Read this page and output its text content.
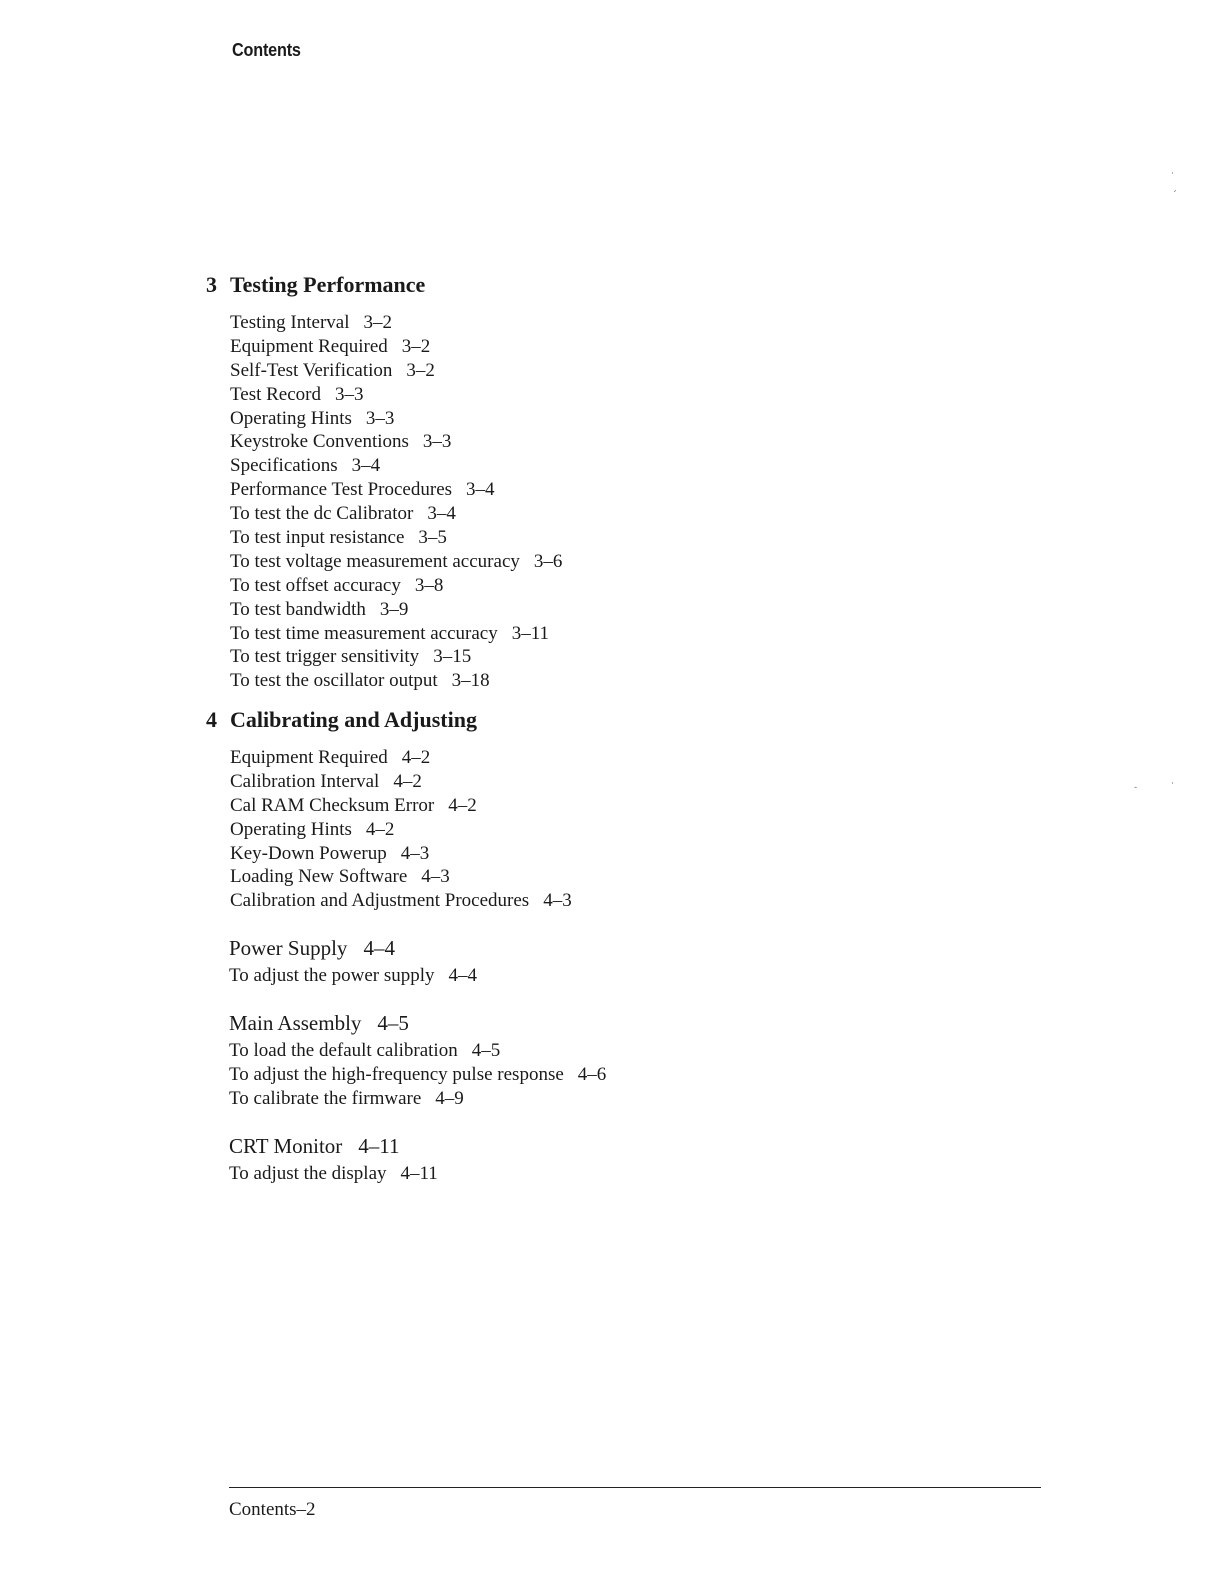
Contents
3 Testing Performance
Testing Interval 3–2
Equipment Required 3–2
Self-Test Verification 3–2
Test Record 3–3
Operating Hints 3–3
Keystroke Conventions 3–3
Specifications 3–4
Performance Test Procedures 3–4
To test the dc Calibrator 3–4
To test input resistance 3–5
To test voltage measurement accuracy 3–6
To test offset accuracy 3–8
To test bandwidth 3–9
To test time measurement accuracy 3–11
To test trigger sensitivity 3–15
To test the oscillator output 3–18
4 Calibrating and Adjusting
Equipment Required 4–2
Calibration Interval 4–2
Cal RAM Checksum Error 4–2
Operating Hints 4–2
Key-Down Powerup 4–3
Loading New Software 4–3
Calibration and Adjustment Procedures 4–3
Power Supply 4–4
To adjust the power supply 4–4
Main Assembly 4–5
To load the default calibration 4–5
To adjust the high-frequency pulse response 4–6
To calibrate the firmware 4–9
CRT Monitor 4–11
To adjust the display 4–11
˙
ˊ
˗	˙
Contents–2
